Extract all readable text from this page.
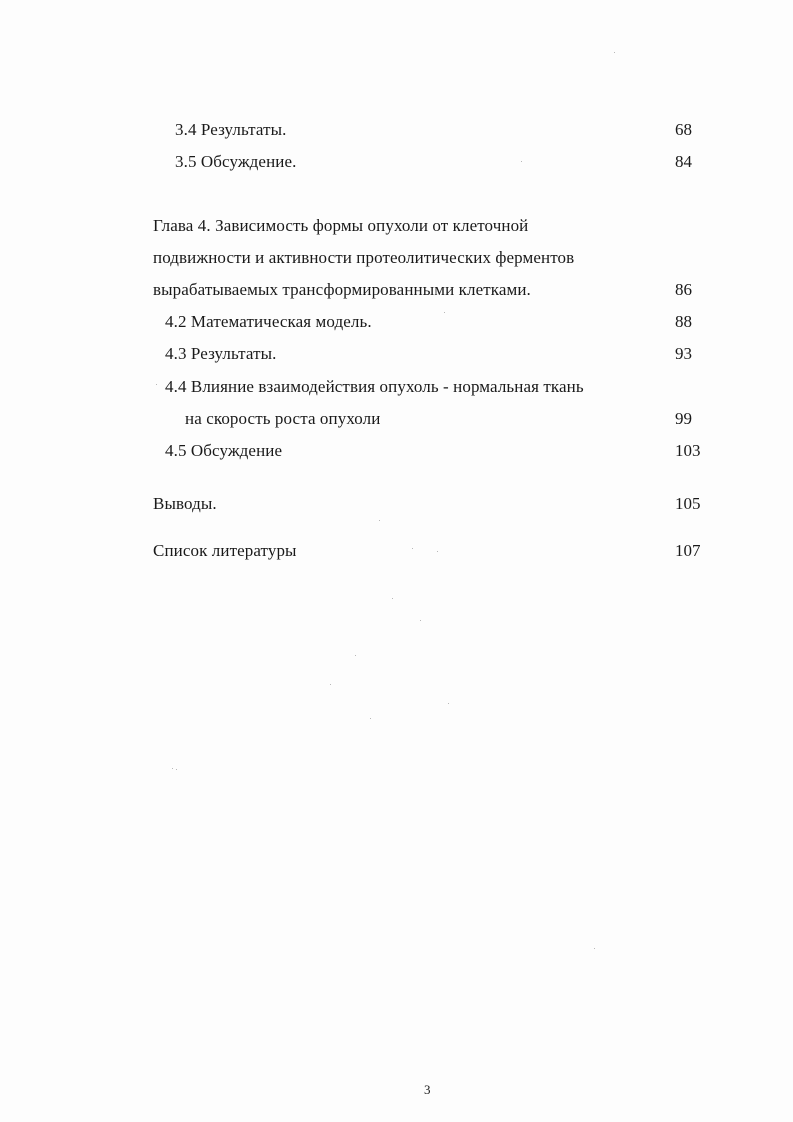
3.4 Результаты.	68
3.5 Обсуждение.	84
Глава 4. Зависимость формы опухоли от клеточной
подвижности и активности протеолитических ферментов
вырабатываемых трансформированными клетками.	86
4.2 Математическая модель.	88
4.3 Результаты.	93
4.4 Влияние взаимодействия опухоль - нормальная ткань
на скорость роста опухоли	99
4.5 Обсуждение	103
Выводы.	105
Список литературы	107
3
